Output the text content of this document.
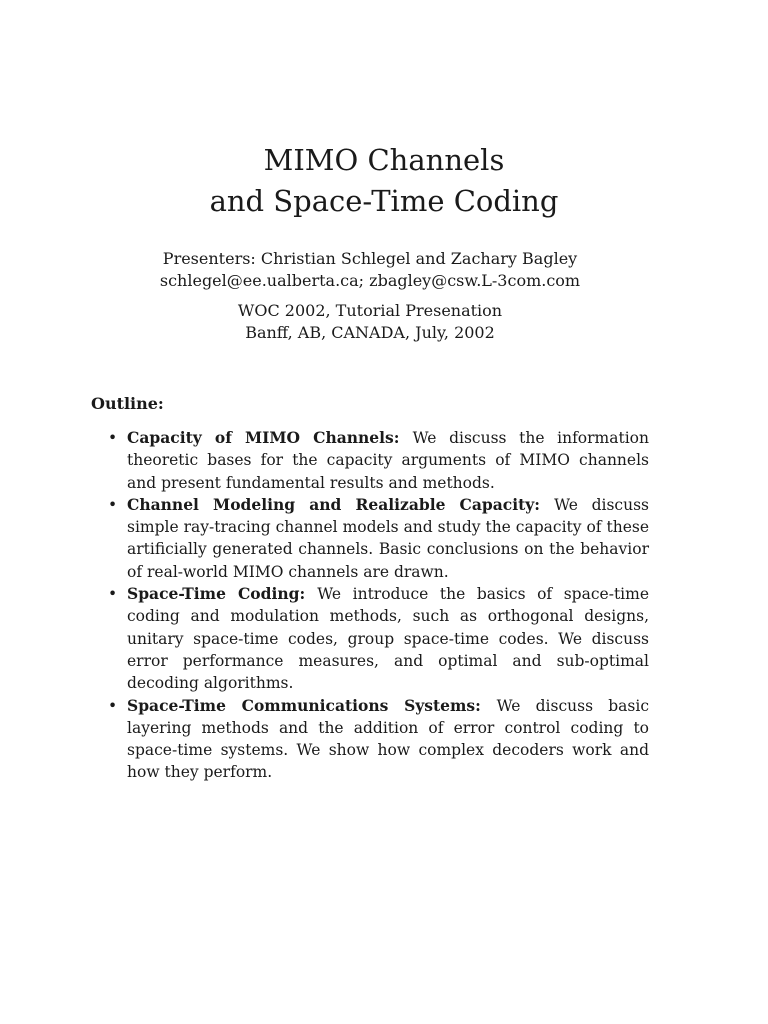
MIMO Channels
and Space-Time Coding
Presenters: Christian Schlegel and Zachary Bagley
schlegel@ee.ualberta.ca; zbagley@csw.L-3com.com
WOC 2002, Tutorial Presenation
Banff, AB, CANADA, July, 2002
Outline:
• Capacity of MIMO Channels: We discuss the information theoretic bases for the capacity arguments of MIMO channels and present fundamental results and methods.
• Channel Modeling and Realizable Capacity: We discuss simple ray-tracing channel models and study the capacity of these artificially generated channels. Basic conclusions on the behavior of real-world MIMO channels are drawn.
• Space-Time Coding: We introduce the basics of space-time coding and modulation methods, such as orthogonal designs, unitary space-time codes, group space-time codes. We discuss error performance measures, and optimal and sub-optimal decoding algorithms.
• Space-Time Communications Systems: We discuss basic layering methods and the addition of error control coding to space-time systems. We show how complex decoders work and how they perform.
